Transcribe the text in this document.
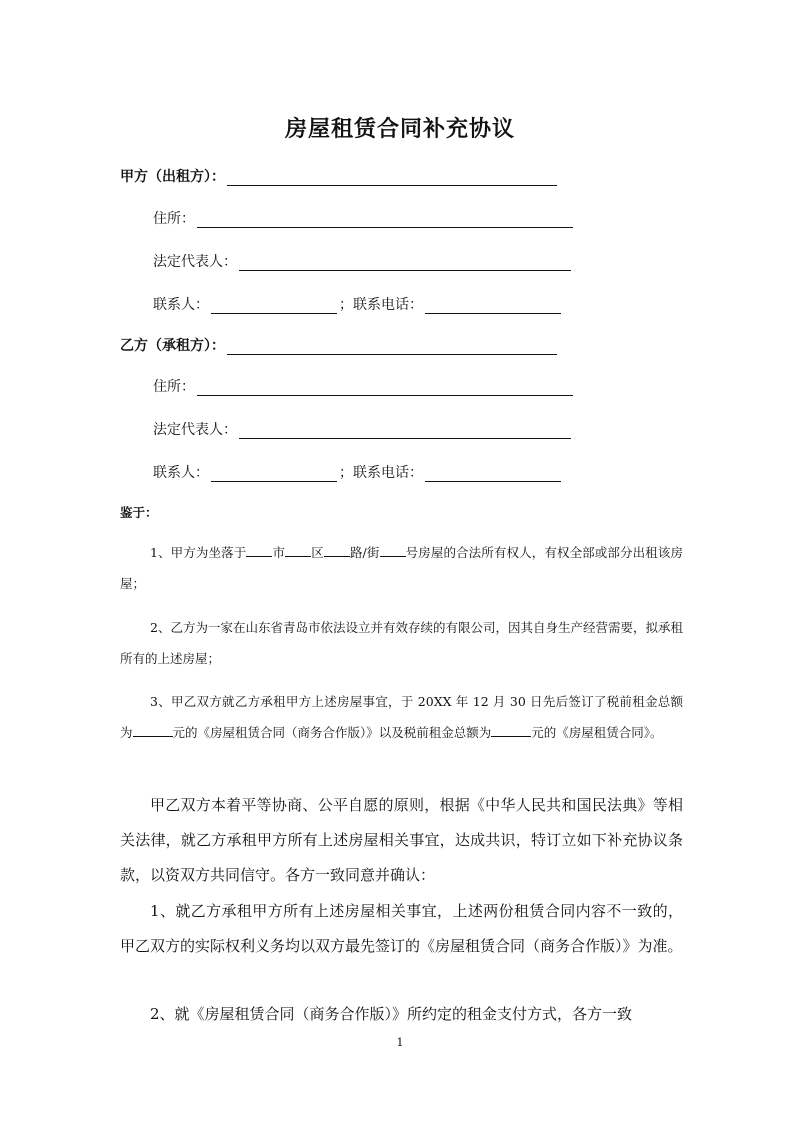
房屋租赁合同补充协议
甲方（出租方）：
住所：
法定代表人：
联系人：	；联系电话：
乙方（承租方）：
住所：
法定代表人：
联系人：	；联系电话：
鉴于：
1、甲方为坐落于 市 区 路/街 号房屋的合法所有权人，有权全部或部分出租该房屋；
2、乙方为一家在山东省青岛市依法设立并有效存续的有限公司，因其自身生产经营需要，拟承租所有的上述房屋；
3、甲乙双方就乙方承租甲方上述房屋事宜，于 20XX 年 12 月 30 日先后签订了税前租金总额为	元的《房屋租赁合同（商务合作版）》以及税前租金总额为	元的《房屋租赁合同》。
甲乙双方本着平等协商、公平自愿的原则，根据《中华人民共和国民法典》等相关法律，就乙方承租甲方所有上述房屋相关事宜，达成共识，特订立如下补充协议条款，以资双方共同信守。各方一致同意并确认：
1、就乙方承租甲方所有上述房屋相关事宜，上述两份租赁合同内容不一致的，甲乙双方的实际权利义务均以双方最先签订的《房屋租赁合同（商务合作版）》为准。
2、就《房屋租赁合同（商务合作版）》所约定的租金支付方式，各方一致
1
